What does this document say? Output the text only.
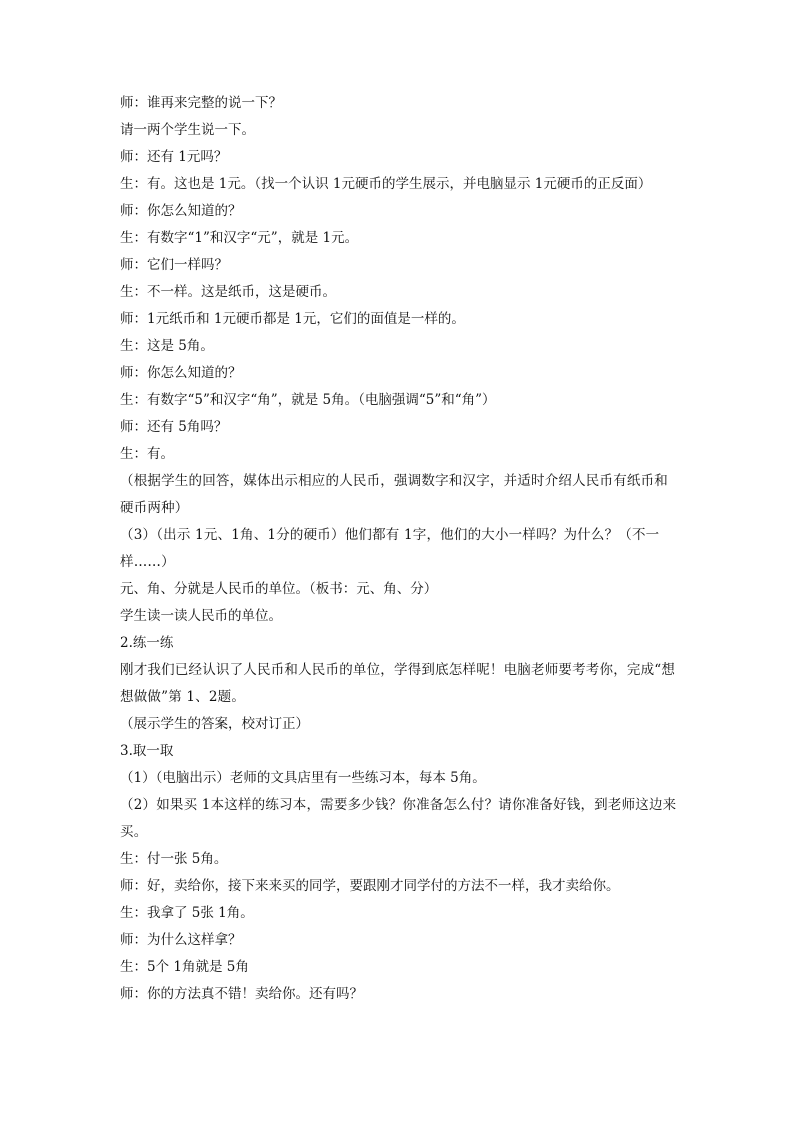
师：谁再来完整的说一下？
请一两个学生说一下。
师：还有 1元吗？
生：有。这也是 1元。（找一个认识 1元硬币的学生展示，并电脑显示 1元硬币的正反面）
师：你怎么知道的？
生：有数字“1”和汉字“元”，就是 1元。
师：它们一样吗？
生：不一样。这是纸币，这是硬币。
师：1元纸币和 1元硬币都是 1元，它们的面值是一样的。
生：这是 5角。
师：你怎么知道的？
生：有数字“5”和汉字“角”，就是 5角。（电脑强调“5”和“角”）
师：还有 5角吗？
生：有。
（根据学生的回答，媒体出示相应的人民币，强调数字和汉字，并适时介绍人民币有纸币和硬币两种）
（3）（出示 1元、1角、1分的硬币）他们都有 1字，他们的大小一样吗？为什么？（不一样……）
元、角、分就是人民币的单位。（板书：元、角、分）
学生读一读人民币的单位。
2.练一练
刚才我们已经认识了人民币和人民币的单位，学得到底怎样呢！电脑老师要考考你，完成“想想做做”第 1、2题。
（展示学生的答案，校对订正）
3.取一取
（1）（电脑出示）老师的文具店里有一些练习本，每本 5角。
（2）如果买 1本这样的练习本，需要多少钱？你准备怎么付？请你准备好钱，到老师这边来买。
生：付一张 5角。
师：好，卖给你，接下来来买的同学，要跟刚才同学付的方法不一样，我才卖给你。
生：我拿了 5张 1角。
师：为什么这样拿？
生：5个 1角就是 5角
师：你的方法真不错！卖给你。还有吗？
